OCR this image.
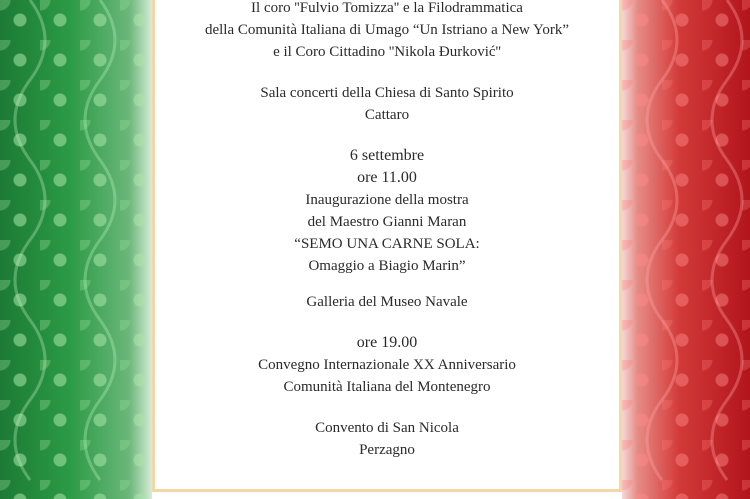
Il coro ''Fulvio Tomizza'' e la Filodrammatica
della Comunità Italiana di Umago “Un Istriano a New York”
e il Coro Cittadino ''Nikola Đurković''
Sala concerti della Chiesa di Santo Spirito
Cattaro
6 settembre
ore 11.00
Inaugurazione della mostra
del Maestro Gianni Maran
“SEMO UNA CARNE SOLA:
Omaggio a Biagio Marin”
Galleria del Museo Navale
ore 19.00
Convegno Internazionale XX Anniversario
Comunità Italiana del Montenegro
Convento di San Nicola
Perzagno
